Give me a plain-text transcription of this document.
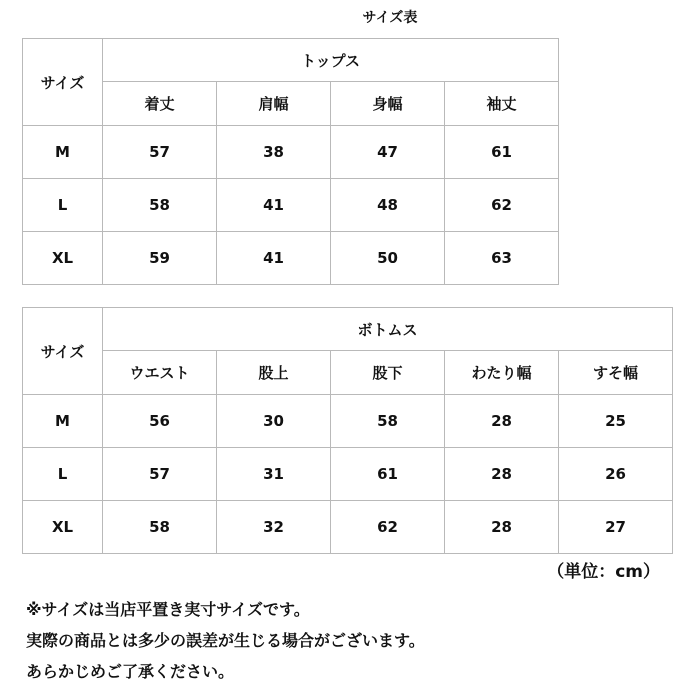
サイズ表
サイズ	トップス			
	着丈	肩幅	身幅	袖丈
M	57	38	47	61
L	58	41	48	62
XL	59	41	50	63
サイズ	ボトムス				
	ウエスト	股上	股下	わたり幅	すそ幅
M	56	30	58	28	25
L	57	31	61	28	26
XL	58	32	62	28	27
（単位：cm）
※サイズは当店平置き実寸サイズです。
実際の商品とは多少の誤差が生じる場合がございます。
あらかじめご了承ください。
